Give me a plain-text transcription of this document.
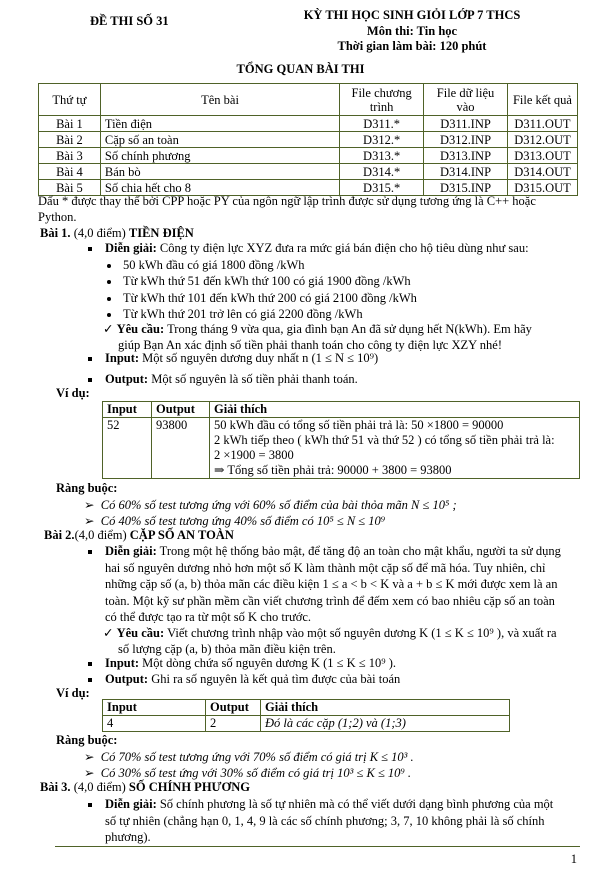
ĐỀ THI SỐ 31	KỲ THI HỌC SINH GIỎI LỚP 7 THCS
Môn thi: Tin học
Thời gian làm bài: 120 phút
TỔNG QUAN BÀI THI
Thứ tự	Tên bài	File chương trình	File dữ liệu vào	File kết quả
Bài 1	Tiền điện	D311.*	D311.INP	D311.OUT
Bài 2	Cặp số an toàn	D312.*	D312.INP	D312.OUT
Bài 3	Số chính phương	D313.*	D313.INP	D313.OUT
Bài 4	Bán bò	D314.*	D314.INP	D314.OUT
Bài 5	Số chia hết cho 8	D315.*	D315.INP	D315.OUT
Dấu * được thay thế bởi CPP hoặc PY của ngôn ngữ lập trình được sử dụng tương ứng là C++ hoặc
Python.
Bài 1. (4,0 điểm) TIỀN ĐIỆN
Diễn giải: Công ty điện lực XYZ đưa ra mức giá bán điện cho hộ tiêu dùng như sau:
50 kWh đầu có giá 1800 đồng /kWh
Từ kWh thứ 51 đến kWh thứ 100 có giá 1900 đồng /kWh
Từ kWh thứ 101 đến kWh thứ 200 có giá 2100 đồng /kWh
Từ kWh thứ 201 trở lên có giá 2200 đồng /kWh
✓ Yêu cầu: Trong tháng 9 vừa qua, gia đình bạn An đã sử dụng hết N(kWh). Em hãy
giúp Bạn An xác định số tiền phải thanh toán cho công ty điện lực XZY nhé!
Input: Một số nguyên dương duy nhất n (1 ≤ N ≤ 10⁹)
Output: Một số nguyên là số tiền phải thanh toán.
Ví dụ:
Input	Output	Giải thích
52	93800	50 kWh đầu có tổng số tiền phải trả là: 50 ×1800 = 90000
2 kWh tiếp theo ( kWh thứ 51 và thứ 52 ) có tổng số tiền phải trả là:
2 ×1900 = 3800
⇒ Tổng số tiền phải trả: 90000 + 3800 = 93800
Ràng buộc:
➢  Có 60% số test tương ứng với 60% số điểm của bài thỏa mãn N ≤ 10⁵ ;
➢  Có 40% số test tương ứng 40% số điểm có 10⁵ ≤ N ≤ 10⁹
Bài 2.(4,0 điểm) CẶP SỐ AN TOÀN
Diễn giải: Trong một hệ thống bảo mật, để tăng độ an toàn cho mật khẩu, người ta sử dụng
hai số nguyên dương nhỏ hơn một số K làm thành một cặp số để mã hóa. Tuy nhiên, chỉ
những cặp số (a, b) thỏa mãn các điều kiện 1 ≤ a < b < K và a + b ≤ K mới được xem là an
toàn. Một kỹ sư phần mềm cần viết chương trình để đếm xem có bao nhiêu cặp số an toàn
có thể được tạo ra từ một số K cho trước.
✓ Yêu cầu: Viết chương trình nhập vào một số nguyên dương K (1 ≤ K ≤ 10⁹ ), và xuất ra
số lượng cặp (a, b) thỏa mãn điều kiện trên.
Input: Một dòng chứa số nguyên dương K (1 ≤ K ≤ 10⁹ ).
Output: Ghi ra số nguyên là kết quả tìm được của bài toán
Ví dụ:
Input	Output	Giải thích
4	2	Đó là các cặp (1;2) và (1;3)
Ràng buộc:
➢  Có 70% số test tương ứng với 70% số điểm có giá trị K ≤ 10³ .
➢  Có 30% số test ứng với 30% số điểm có giá trị 10³ ≤ K ≤ 10⁹ .
Bài 3. (4,0 điểm) SỐ CHÍNH PHƯƠNG
Diễn giải: Số chính phương là số tự nhiên mà có thể viết dưới dạng bình phương của một
số tự nhiên (chẳng hạn 0, 1, 4, 9 là các số chính phương; 3, 7, 10 không phải là số chính
phương).
1
